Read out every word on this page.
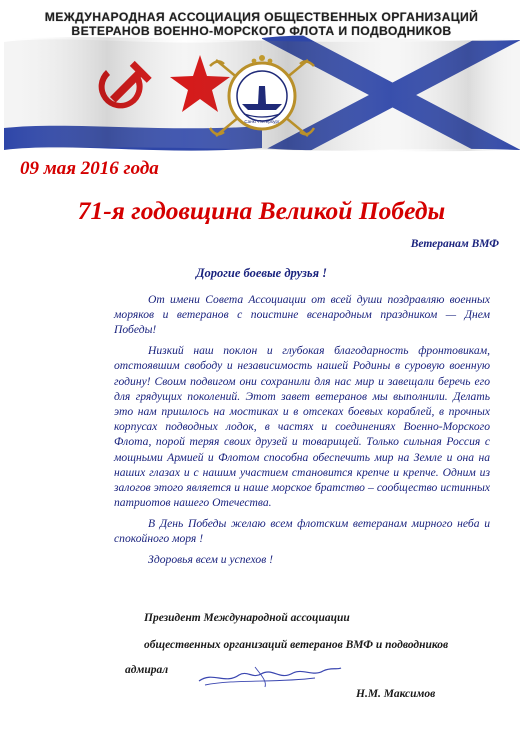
Санкт-Петербург
МЕЖДУНАРОДНАЯ АССОЦИАЦИЯ ОБЩЕСТВЕННЫХ ОРГАНИЗАЦИЙ
ВЕТЕРАНОВ ВОЕННО-МОРСКОГО ФЛОТА И ПОДВОДНИКОВ
09 мая 2016 года
71-я годовщина Великой Победы
Ветеранам ВМФ
Дорогие боевые друзья !

От имени Совета Ассоциации от всей души поздравляю военных моряков и ветеранов с поистине всенародным праздником — Днем Победы!

Низкий наш поклон и глубокая благодарность фронтовикам, отстоявшим свободу и независимость нашей Родины в суровую военную годину! Своим подвигом они сохранили для нас мир и завещали беречь его для грядущих поколений. Этот завет ветеранов мы выполнили. Делать это нам пришлось на мостиках и в отсеках боевых кораблей, в прочных корпусах подводных лодок, в частях и соединениях Военно-Морского Флота, порой теряя своих друзей и товарищей. Только сильная Россия с мощными Армией и Флотом способна обеспечить мир на Земле и она на наших глазах и с нашим участием становится крепче и крепче. Одним из залогов этого является и наше морское братство – сообщество истинных патриотов нашего Отечества.

В День Победы желаю всем флотским ветеранам мирного неба и спокойного моря !

Здоровья всем и успехов !

Президент Международной ассоциации
общественных организаций ветеранов ВМФ и подводников
адмирал
Н.М. Максимов
